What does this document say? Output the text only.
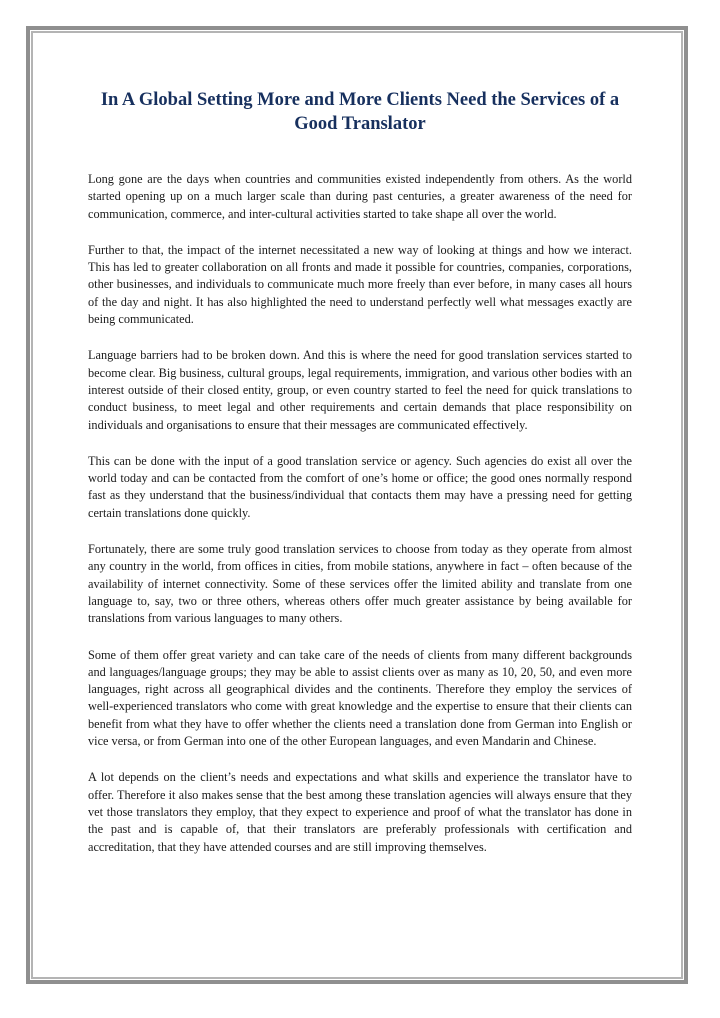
In A Global Setting More and More Clients Need the Services of a Good Translator

Long gone are the days when countries and communities existed independently from others. As the world started opening up on a much larger scale than during past centuries, a greater awareness of the need for communication, commerce, and inter-cultural activities started to take shape all over the world.

Further to that, the impact of the internet necessitated a new way of looking at things and how we interact. This has led to greater collaboration on all fronts and made it possible for countries, companies, corporations, other businesses, and individuals to communicate much more freely than ever before, in many cases all hours of the day and night. It has also highlighted the need to understand perfectly well what messages exactly are being communicated.

Language barriers had to be broken down. And this is where the need for good translation services started to become clear. Big business, cultural groups, legal requirements, immigration, and various other bodies with an interest outside of their closed entity, group, or even country started to feel the need for quick translations to conduct business, to meet legal and other requirements and certain demands that place responsibility on individuals and organisations to ensure that their messages are communicated effectively.

This can be done with the input of a good translation service or agency. Such agencies do exist all over the world today and can be contacted from the comfort of one’s home or office; the good ones normally respond fast as they understand that the business/individual that contacts them may have a pressing need for getting certain translations done quickly.

Fortunately, there are some truly good translation services to choose from today as they operate from almost any country in the world, from offices in cities, from mobile stations, anywhere in fact – often because of the availability of internet connectivity. Some of these services offer the limited ability and translate from one language to, say, two or three others, whereas others offer much greater assistance by being available for translations from various languages to many others.

Some of them offer great variety and can take care of the needs of clients from many different backgrounds and languages/language groups; they may be able to assist clients over as many as 10, 20, 50, and even more languages, right across all geographical divides and the continents. Therefore they employ the services of well-experienced translators who come with great knowledge and the expertise to ensure that their clients can benefit from what they have to offer whether the clients need a translation done from German into English or vice versa, or from German into one of the other European languages, and even Mandarin and Chinese.

A lot depends on the client’s needs and expectations and what skills and experience the translator have to offer. Therefore it also makes sense that the best among these translation agencies will always ensure that they vet those translators they employ, that they expect to experience and proof of what the translator has done in the past and is capable of, that their translators are preferably professionals with certification and accreditation, that they have attended courses and are still improving themselves.
